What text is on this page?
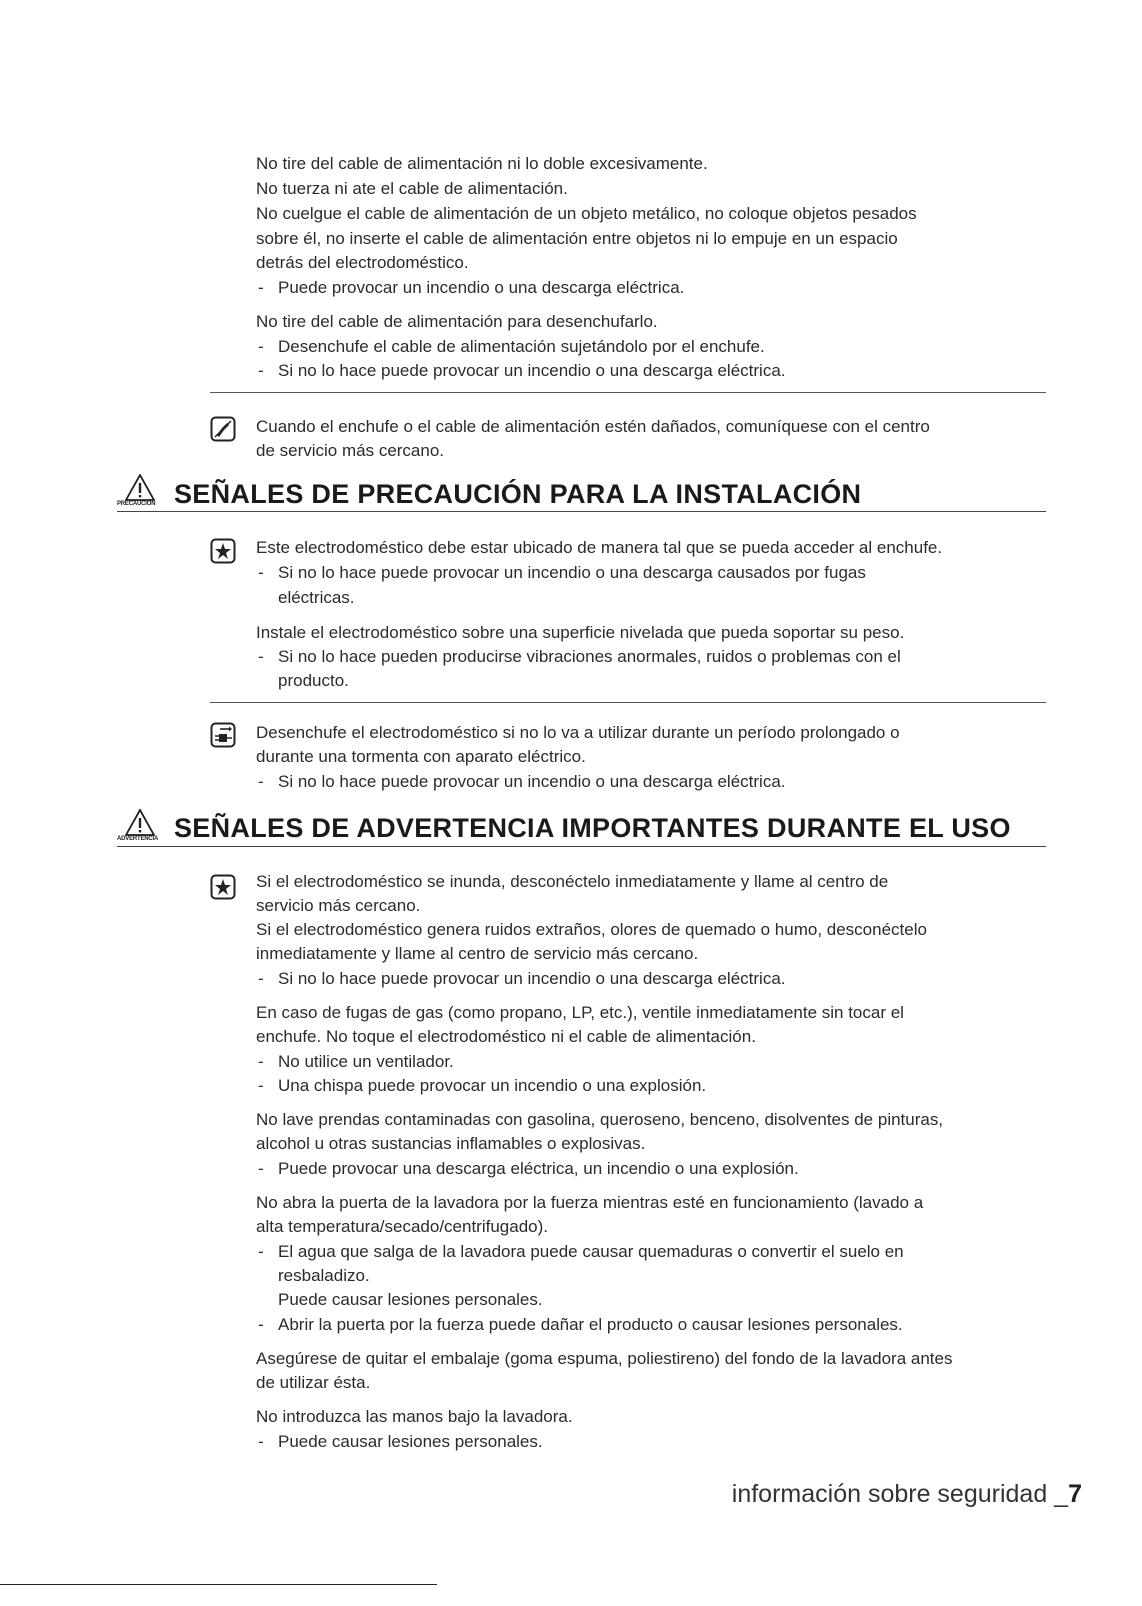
No tire del cable de alimentación ni lo doble excesivamente.
No tuerza ni ate el cable de alimentación.
No cuelgue el cable de alimentación de un objeto metálico, no coloque objetos pesados
sobre él, no inserte el cable de alimentación entre objetos ni lo empuje en un espacio
detrás del electrodoméstico.
- Puede provocar un incendio o una descarga eléctrica.
No tire del cable de alimentación para desenchufarlo.
- Desenchufe el cable de alimentación sujetándolo por el enchufe.
- Si no lo hace puede provocar un incendio o una descarga eléctrica.
Cuando el enchufe o el cable de alimentación estén dañados, comuníquese con el centro
de servicio más cercano.
PRECAUCIÓN SEÑALES DE PRECAUCIÓN PARA LA INSTALACIÓN
Este electrodoméstico debe estar ubicado de manera tal que se pueda acceder al enchufe.
- Si no lo hace puede provocar un incendio o una descarga causados por fugas
eléctricas.
Instale el electrodoméstico sobre una superficie nivelada que pueda soportar su peso.
- Si no lo hace pueden producirse vibraciones anormales, ruidos o problemas con el
producto.
Desenchufe el electrodoméstico si no lo va a utilizar durante un período prolongado o
durante una tormenta con aparato eléctrico.
- Si no lo hace puede provocar un incendio o una descarga eléctrica.
ADVERTENCIA SEÑALES DE ADVERTENCIA IMPORTANTES DURANTE EL USO
Si el electrodoméstico se inunda, desconéctelo inmediatamente y llame al centro de
servicio más cercano.
Si el electrodoméstico genera ruidos extraños, olores de quemado o humo, desconéctelo
inmediatamente y llame al centro de servicio más cercano.
- Si no lo hace puede provocar un incendio o una descarga eléctrica.
En caso de fugas de gas (como propano, LP, etc.), ventile inmediatamente sin tocar el
enchufe. No toque el electrodoméstico ni el cable de alimentación.
- No utilice un ventilador.
- Una chispa puede provocar un incendio o una explosión.
No lave prendas contaminadas con gasolina, queroseno, benceno, disolventes de pinturas,
alcohol u otras sustancias inflamables o explosivas.
- Puede provocar una descarga eléctrica, un incendio o una explosión.
No abra la puerta de la lavadora por la fuerza mientras esté en funcionamiento (lavado a
alta temperatura/secado/centrifugado).
- El agua que salga de la lavadora puede causar quemaduras o convertir el suelo en
resbaladizo.
Puede causar lesiones personales.
- Abrir la puerta por la fuerza puede dañar el producto o causar lesiones personales.
Asegúrese de quitar el embalaje (goma espuma, poliestireno) del fondo de la lavadora antes
de utilizar ésta.
No introduzca las manos bajo la lavadora.
- Puede causar lesiones personales.
información sobre seguridad _7
